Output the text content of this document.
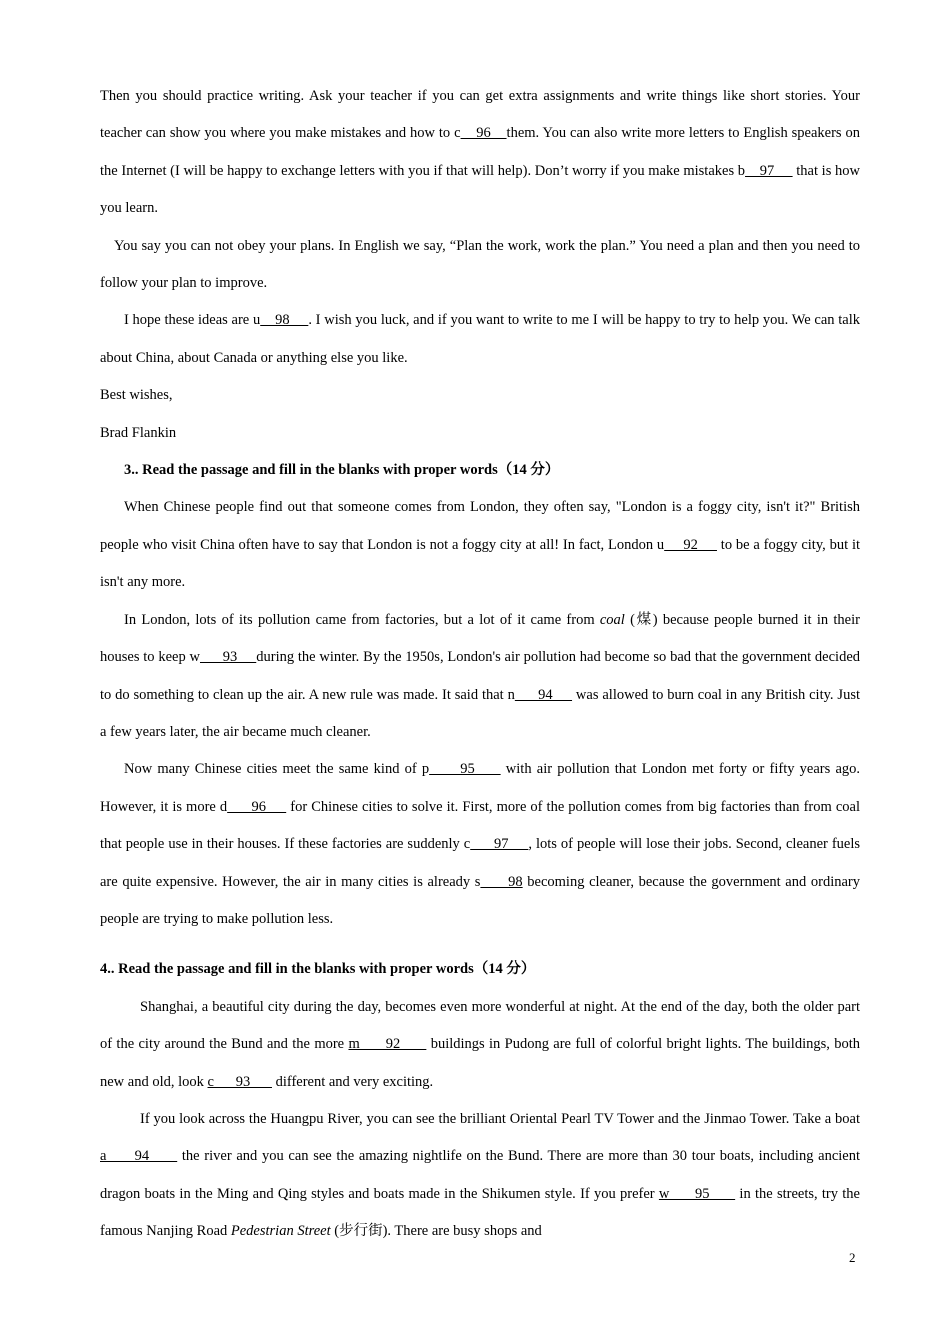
Then you should practice writing. Ask your teacher if you can get extra assignments and write things like short stories. Your teacher can show you where you make mistakes and how to c    96    them. You can also write more letters to English speakers on the Internet (I will be happy to exchange letters with you if that will help). Don’t worry if you make mistakes b    97      that is how you learn.

You say you can not obey your plans. In English we say, “Plan the work, work the plan.” You need a plan and then you need to follow your plan to improve.

I hope these ideas are u    98     . I wish you luck, and if you want to write to me I will be happy to try to help you. We can talk about China, about Canada or anything else you like.

Best wishes,

Brad Flankin

3.. Read the passage and fill in the blanks with proper words（14 分）

When Chinese people find out that someone comes from London, they often say, "London is a foggy city, isn't it?" British people who visit China often have to say that London is not a foggy city at all! In fact, London u     92      to be a foggy city, but it isn't any more.

In London, lots of its pollution came from factories, but a lot of it came from coal (煤) because people burned it in their houses to keep w      93     during the winter. By the 1950s, London's air pollution had become so bad that the government decided to do something to clean up the air. A new rule was made. It said that n      94      was allowed to burn coal in any British city. Just a few years later, the air became much cleaner.

Now many Chinese cities meet the same kind of p      95      with air pollution that London met forty or fifty years ago. However, it is more d      96      for Chinese cities to solve it. First, more of the pollution comes from big factories than from coal that people use in their houses. If these factories are suddenly c      97     , lots of people will lose their jobs. Second, cleaner fuels are quite expensive. However, the air in many cities is already s      98 becoming cleaner, because the government and ordinary people are trying to make pollution less.

4.. Read the passage and fill in the blanks with proper words（14 分）

Shanghai, a beautiful city during the day, becomes even more wonderful at night. At the end of the day, both the older part of the city around the Bund and the more m      92       buildings in Pudong are full of colorful bright lights. The buildings, both new and old, look c      93       different and very exciting.

If you look across the Huangpu River, you can see the brilliant Oriental Pearl TV Tower and the Jinmao Tower. Take a boat a      94       the river and you can see the amazing nightlife on the Bund. There are more than 30 tour boats, including ancient dragon boats in the Ming and Qing styles and boats made in the Shikumen style. If you prefer w      95       in the streets, try the famous Nanjing Road Pedestrian Street (步行街). There are busy shops and

2
